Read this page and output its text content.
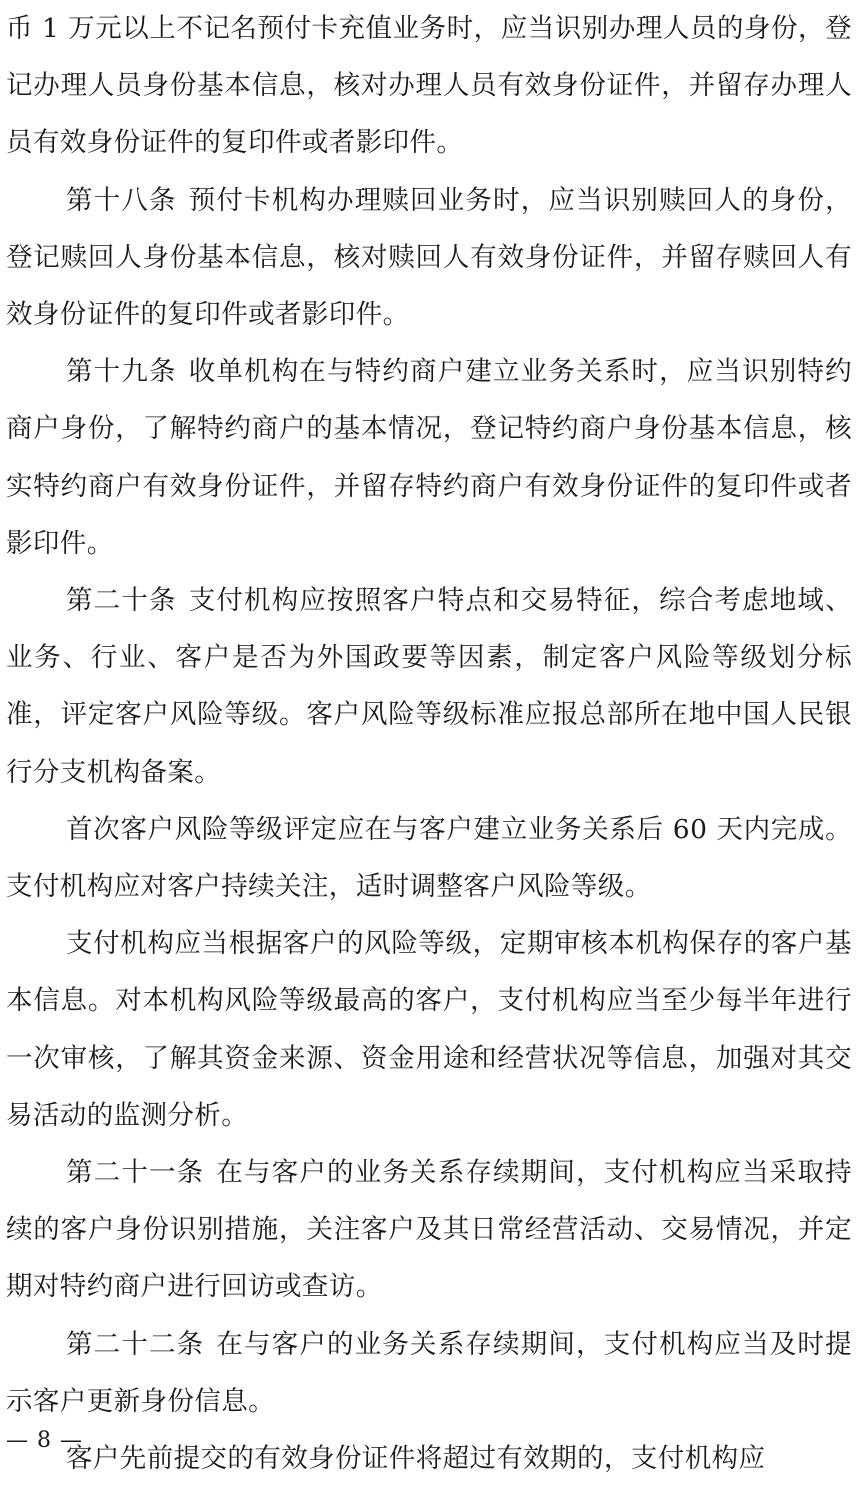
币 1 万元以上不记名预付卡充值业务时，应当识别办理人员的身份，登记办理人员身份基本信息，核对办理人员有效身份证件，并留存办理人员有效身份证件的复印件或者影印件。

第十八条 预付卡机构办理赎回业务时，应当识别赎回人的身份，登记赎回人身份基本信息，核对赎回人有效身份证件，并留存赎回人有效身份证件的复印件或者影印件。

第十九条 收单机构在与特约商户建立业务关系时，应当识别特约商户身份，了解特约商户的基本情况，登记特约商户身份基本信息，核实特约商户有效身份证件，并留存特约商户有效身份证件的复印件或者影印件。

第二十条 支付机构应按照客户特点和交易特征，综合考虑地域、业务、行业、客户是否为外国政要等因素，制定客户风险等级划分标准，评定客户风险等级。客户风险等级标准应报总部所在地中国人民银行分支机构备案。

首次客户风险等级评定应在与客户建立业务关系后 60 天内完成。支付机构应对客户持续关注，适时调整客户风险等级。

支付机构应当根据客户的风险等级，定期审核本机构保存的客户基本信息。对本机构风险等级最高的客户，支付机构应当至少每半年进行一次审核，了解其资金来源、资金用途和经营状况等信息，加强对其交易活动的监测分析。

第二十一条 在与客户的业务关系存续期间，支付机构应当采取持续的客户身份识别措施，关注客户及其日常经营活动、交易情况，并定期对特约商户进行回访或查访。

第二十二条 在与客户的业务关系存续期间，支付机构应当及时提示客户更新身份信息。

客户先前提交的有效身份证件将超过有效期的，支付机构应

— 8 —
